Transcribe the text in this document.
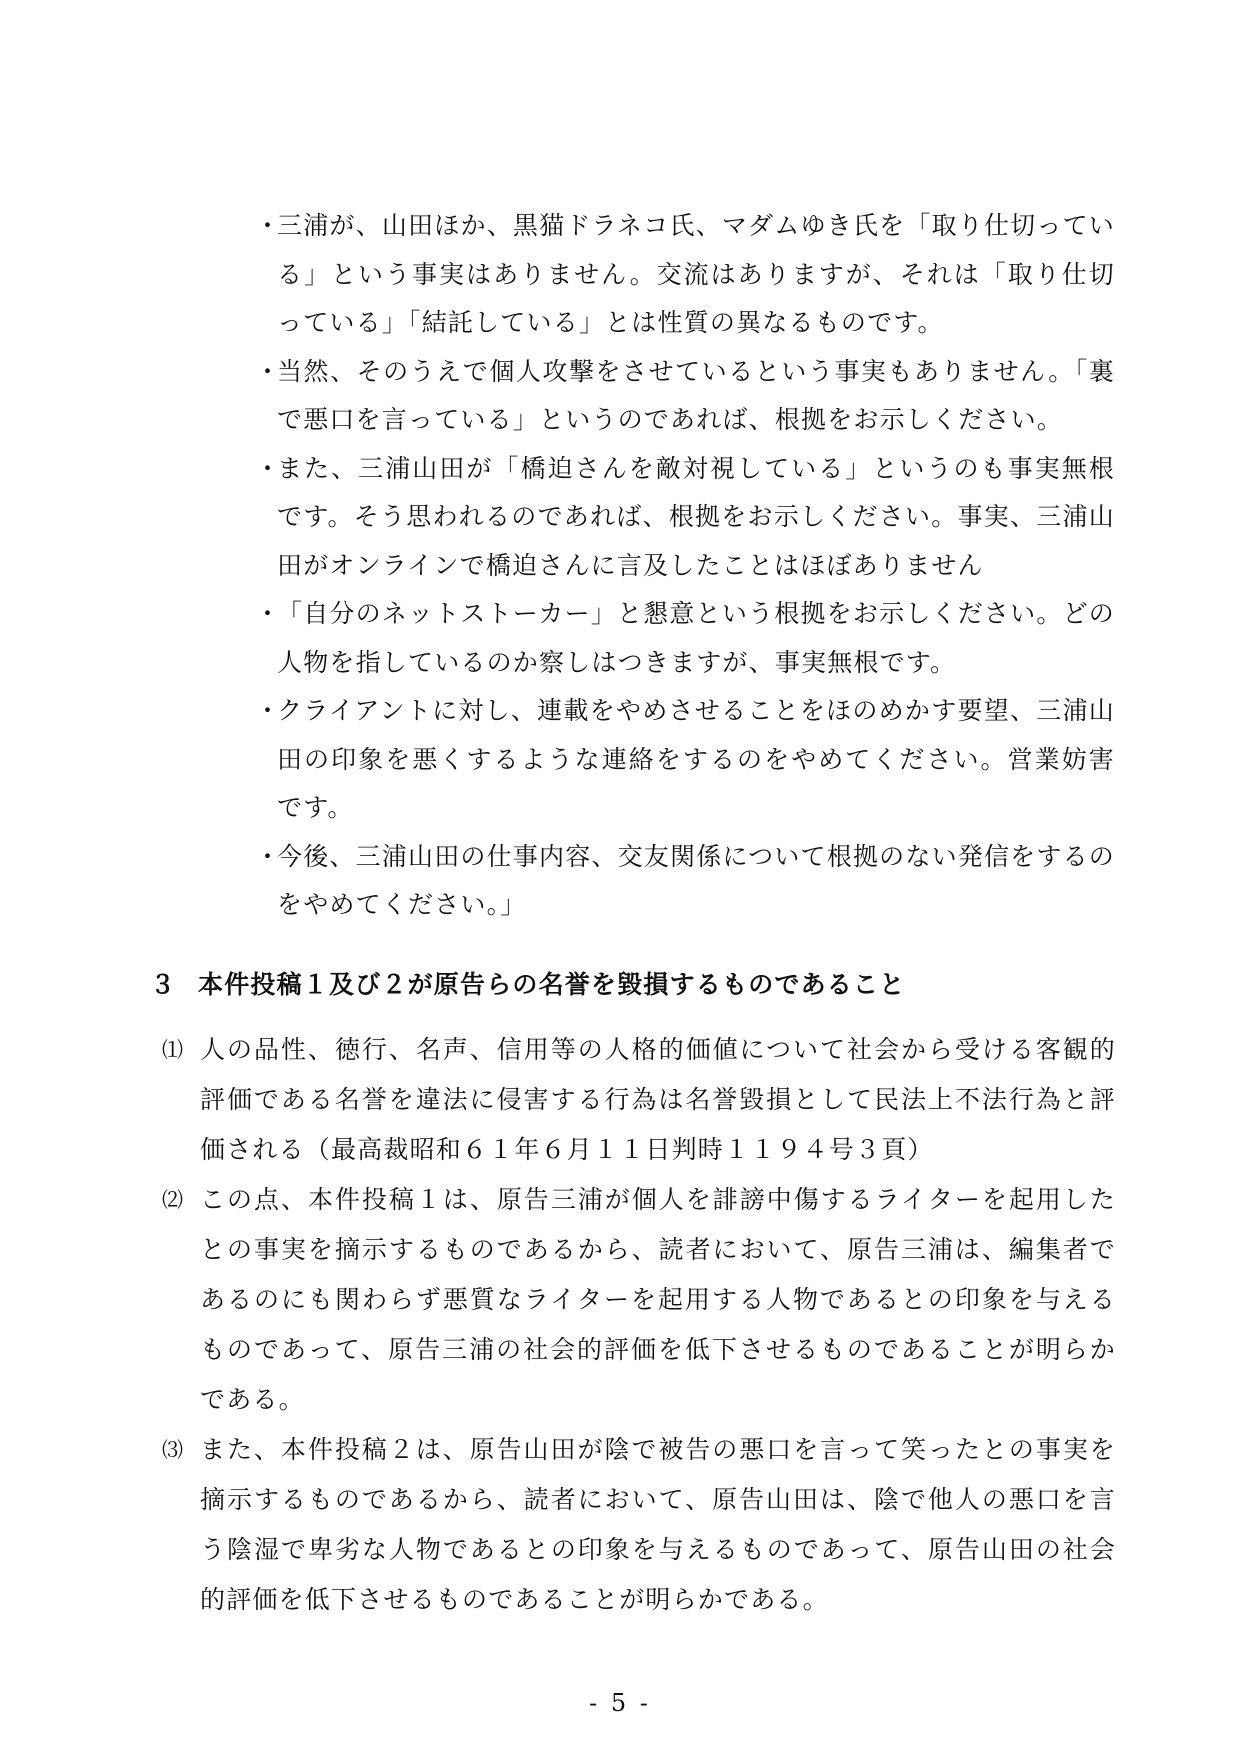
・
三浦が、山田ほか、黒猫ドラネコ氏、マダムゆき氏を「取り仕切っている」という事実はありません。交流はありますが、それは「取り仕切っている」「結託している」とは性質の異なるものです。
・
当然、そのうえで個人攻撃をさせているという事実もありません。「裏で悪口を言っている」というのであれば、根拠をお示しください。
・
また、三浦山田が「橋迫さんを敵対視している」というのも事実無根です。そう思われるのであれば、根拠をお示しください。事実、三浦山田がオンラインで橋迫さんに言及したことはほぼありません
・
「自分のネットストーカー」と懇意という根拠をお示しください。どの人物を指しているのか察しはつきますが、事実無根です。
・
クライアントに対し、連載をやめさせることをほのめかす要望、三浦山田の印象を悪くするような連絡をするのをやめてください。営業妨害です。
・
今後、三浦山田の仕事内容、交友関係について根拠のない発信をするのをやめてください。」
３ 本件投稿１及び２が原告らの名誉を毀損するものであること
⑴ 人の品性、徳行、名声、信用等の人格的価値について社会から受ける客観的評価である名誉を違法に侵害する行為は名誉毀損として民法上不法行為と評価される（最高裁昭和６１年６月１１日判時１１９４号３頁）
⑵ この点、本件投稿１は、原告三浦が個人を誹謗中傷するライターを起用したとの事実を摘示するものであるから、読者において、原告三浦は、編集者であるのにも関わらず悪質なライターを起用する人物であるとの印象を与えるものであって、原告三浦の社会的評価を低下させるものであることが明らかである。
⑶ また、本件投稿２は、原告山田が陰で被告の悪口を言って笑ったとの事実を摘示するものであるから、読者において、原告山田は、陰で他人の悪口を言う陰湿で卑劣な人物であるとの印象を与えるものであって、原告山田の社会的評価を低下させるものであることが明らかである。
- 5 -
